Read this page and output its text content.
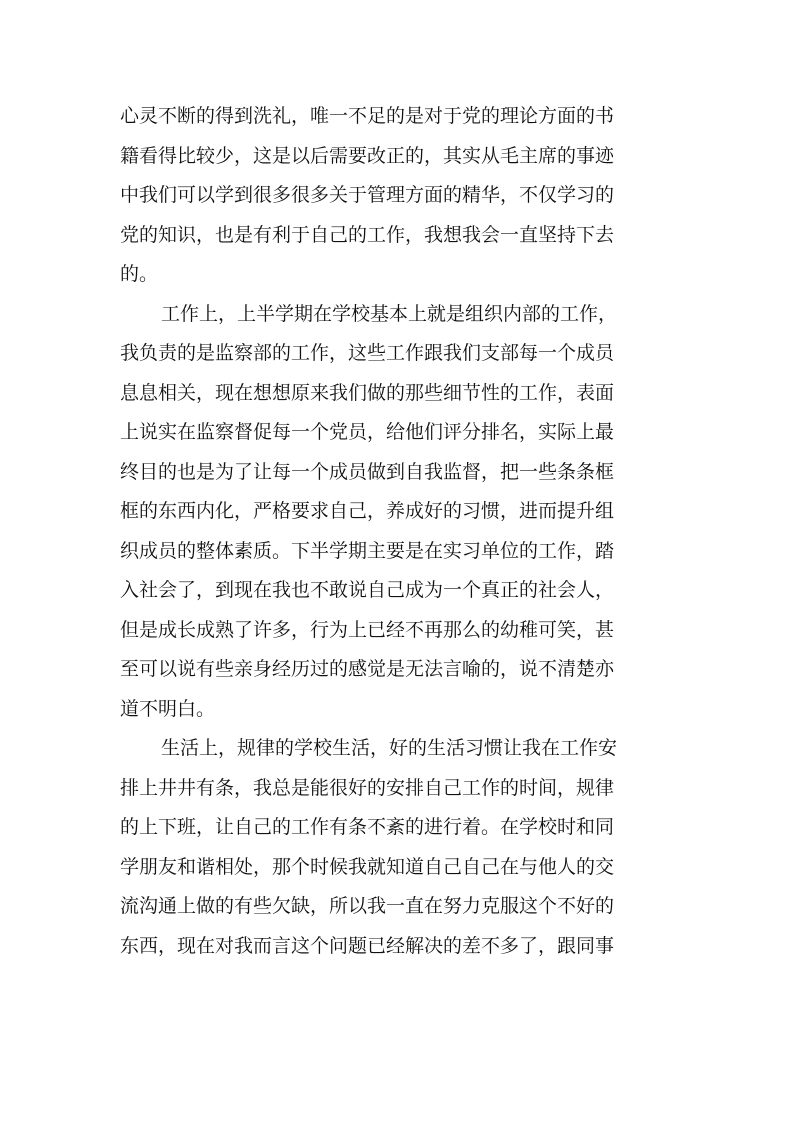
心灵不断的得到洗礼，唯一不足的是对于党的理论方面的书
籍看得比较少，这是以后需要改正的，其实从毛主席的事迹
中我们可以学到很多很多关于管理方面的精华，不仅学习的
党的知识，也是有利于自己的工作，我想我会一直坚持下去
的。
工作上，上半学期在学校基本上就是组织内部的工作，
我负责的是监察部的工作，这些工作跟我们支部每一个成员
息息相关，现在想想原来我们做的那些细节性的工作，表面
上说实在监察督促每一个党员，给他们评分排名，实际上最
终目的也是为了让每一个成员做到自我监督，把一些条条框
框的东西内化，严格要求自己，养成好的习惯，进而提升组
织成员的整体素质。下半学期主要是在实习单位的工作，踏
入社会了，到现在我也不敢说自己成为一个真正的社会人，
但是成长成熟了许多，行为上已经不再那么的幼稚可笑，甚
至可以说有些亲身经历过的感觉是无法言喻的，说不清楚亦
道不明白。
生活上，规律的学校生活，好的生活习惯让我在工作安
排上井井有条，我总是能很好的安排自己工作的时间，规律
的上下班，让自己的工作有条不紊的进行着。在学校时和同
学朋友和谐相处，那个时候我就知道自己自己在与他人的交
流沟通上做的有些欠缺，所以我一直在努力克服这个不好的
东西，现在对我而言这个问题已经解决的差不多了，跟同事
